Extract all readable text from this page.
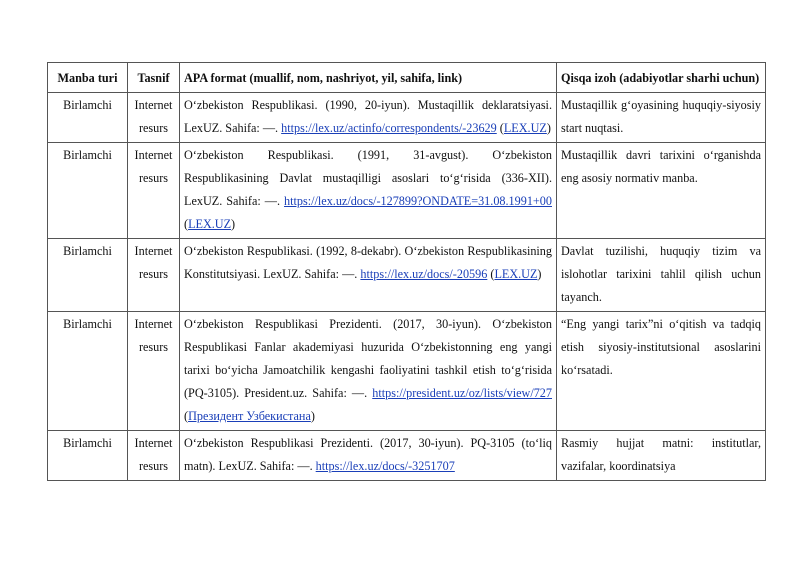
Manba turi	Tasnif	APA format (muallif, nom, nashriyot, yil, sahifa, link)	Qisqa izoh (adabiyotlar sharhi uchun)
Birlamchi	Internet resurs	O‘zbekiston Respublikasi. (1990, 20-iyun). Mustaqillik deklaratsiyasi. LexUZ. Sahifa: —. https://lex.uz/actinfo/correspondents/-23629 (LEX.UZ)	Mustaqillik g‘oyasining huquqiy-siyosiy start nuqtasi.
Birlamchi	Internet resurs	O‘zbekiston Respublikasi. (1991, 31-avgust). O‘zbekiston Respublikasining Davlat mustaqilligi asoslari to‘g‘risida (336-XII). LexUZ. Sahifa: —. https://lex.uz/docs/-127899?ONDATE=31.08.1991+00 (LEX.UZ)	Mustaqillik davri tarixini o‘rganishda eng asosiy normativ manba.
Birlamchi	Internet resurs	O‘zbekiston Respublikasi. (1992, 8-dekabr). O‘zbekiston Respublikasining Konstitutsiyasi. LexUZ. Sahifa: —. https://lex.uz/docs/-20596 (LEX.UZ)	Davlat tuzilishi, huquqiy tizim va islohotlar tarixini tahlil qilish uchun tayanch.
Birlamchi	Internet resurs	O‘zbekiston Respublikasi Prezidenti. (2017, 30-iyun). O‘zbekiston Respublikasi Fanlar akademiyasi huzurida O‘zbekistonning eng yangi tarixi bo‘yicha Jamoatchilik kengashi faoliyatini tashkil etish to‘g‘risida (PQ-3105). President.uz. Sahifa: —. https://president.uz/oz/lists/view/727 (Президент Узбекистана)	“Eng yangi tarix”ni o‘qitish va tadqiq etish siyosiy-institutsional asoslarini ko‘rsatadi.
Birlamchi	Internet resurs	O‘zbekiston Respublikasi Prezidenti. (2017, 30-iyun). PQ-3105 (to‘liq matn). LexUZ. Sahifa: —. https://lex.uz/docs/-3251707	Rasmiy hujjat matni: institutlar, vazifalar, koordinatsiya
